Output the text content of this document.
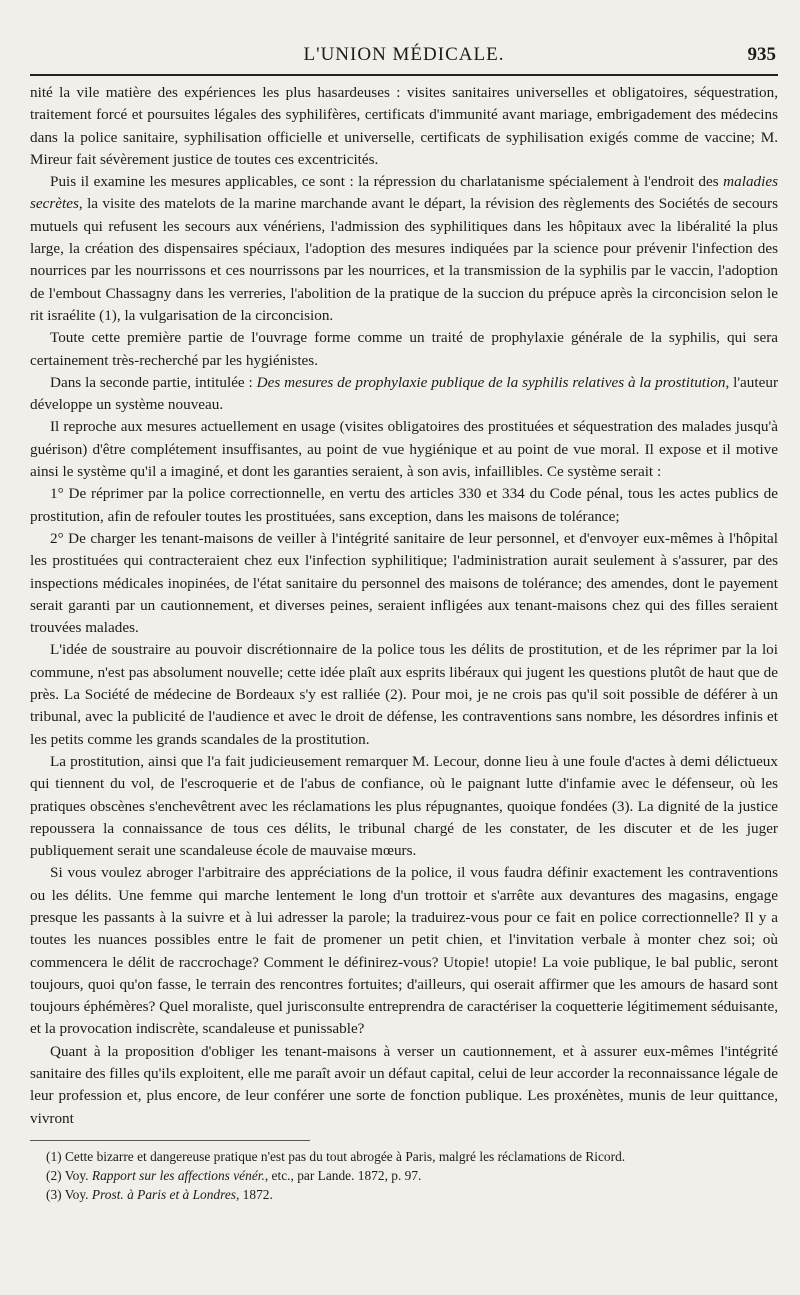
L'UNION MÉDICALE.	935

nité la vile matière des expériences les plus hasardeuses : visites sanitaires universelles et obligatoires, séquestration, traitement forcé et poursuites légales des syphilifères, certificats d'immunité avant mariage, embrigadement des médecins dans la police sanitaire, syphilisation officielle et universelle, certificats de syphilisation exigés comme de vaccine; M. Mireur fait sévèrement justice de toutes ces excentricités.

Puis il examine les mesures applicables, ce sont : la répression du charlatanisme spécialement à l'endroit des maladies secrètes, la visite des matelots de la marine marchande avant le départ, la révision des règlements des Sociétés de secours mutuels qui refusent les secours aux vénériens, l'admission des syphilitiques dans les hôpitaux avec la libéralité la plus large, la création des dispensaires spéciaux, l'adoption des mesures indiquées par la science pour prévenir l'infection des nourrices par les nourrissons et ces nourrissons par les nourrices, et la transmission de la syphilis par le vaccin, l'adoption de l'embout Chassagny dans les verreries, l'abolition de la pratique de la succion du prépuce après la circoncision selon le rit israélite (1), la vulgarisation de la circoncision.

Toute cette première partie de l'ouvrage forme comme un traité de prophylaxie générale de la syphilis, qui sera certainement très-recherché par les hygiénistes.

Dans la seconde partie, intitulée : Des mesures de prophylaxie publique de la syphilis relatives à la prostitution, l'auteur développe un système nouveau.

Il reproche aux mesures actuellement en usage (visites obligatoires des prostituées et séquestration des malades jusqu'à guérison) d'être complétement insuffisantes, au point de vue hygiénique et au point de vue moral. Il expose et il motive ainsi le système qu'il a imaginé, et dont les garanties seraient, à son avis, infaillibles. Ce système serait :

1° De réprimer par la police correctionnelle, en vertu des articles 330 et 334 du Code pénal, tous les actes publics de prostitution, afin de refouler toutes les prostituées, sans exception, dans les maisons de tolérance;

2° De charger les tenant-maisons de veiller à l'intégrité sanitaire de leur personnel, et d'envoyer eux-mêmes à l'hôpital les prostituées qui contracteraient chez eux l'infection syphilitique; l'administration aurait seulement à s'assurer, par des inspections médicales inopinées, de l'état sanitaire du personnel des maisons de tolérance; des amendes, dont le payement serait garanti par un cautionnement, et diverses peines, seraient infligées aux tenant-maisons chez qui des filles seraient trouvées malades.

L'idée de soustraire au pouvoir discrétionnaire de la police tous les délits de prostitution, et de les réprimer par la loi commune, n'est pas absolument nouvelle; cette idée plaît aux esprits libéraux qui jugent les questions plutôt de haut que de près. La Société de médecine de Bordeaux s'y est ralliée (2). Pour moi, je ne crois pas qu'il soit possible de déférer à un tribunal, avec la publicité de l'audience et avec le droit de défense, les contraventions sans nombre, les désordres infinis et les petits comme les grands scandales de la prostitution.

La prostitution, ainsi que l'a fait judicieusement remarquer M. Lecour, donne lieu à une foule d'actes à demi délictueux qui tiennent du vol, de l'escroquerie et de l'abus de confiance, où le paignant lutte d'infamie avec le défenseur, où les pratiques obscènes s'enchevêtrent avec les réclamations les plus répugnantes, quoique fondées (3). La dignité de la justice repoussera la connaissance de tous ces délits, le tribunal chargé de les constater, de les discuter et de les juger publiquement serait une scandaleuse école de mauvaise mœurs.

Si vous voulez abroger l'arbitraire des appréciations de la police, il vous faudra définir exactement les contraventions ou les délits. Une femme qui marche lentement le long d'un trottoir et s'arrête aux devantures des magasins, engage presque les passants à la suivre et à lui adresser la parole; la traduirez-vous pour ce fait en police correctionnelle? Il y a toutes les nuances possibles entre le fait de promener un petit chien, et l'invitation verbale à monter chez soi; où commencera le délit de raccrochage? Comment le définirez-vous? Utopie! utopie! La voie publique, le bal public, seront toujours, quoi qu'on fasse, le terrain des rencontres fortuites; d'ailleurs, qui oserait affirmer que les amours de hasard sont toujours éphémères? Quel moraliste, quel jurisconsulte entreprendra de caractériser la coquetterie légitimement séduisante, et la provocation indiscrète, scandaleuse et punissable?

Quant à la proposition d'obliger les tenant-maisons à verser un cautionnement, et à assurer eux-mêmes l'intégrité sanitaire des filles qu'ils exploitent, elle me paraît avoir un défaut capital, celui de leur accorder la reconnaissance légale de leur profession et, plus encore, de leur conférer une sorte de fonction publique. Les proxénètes, munis de leur quittance, vivront

(1) Cette bizarre et dangereuse pratique n'est pas du tout abrogée à Paris, malgré les réclamations de Ricord.

(2) Voy. Rapport sur les affections vénér., etc., par Lande. 1872, p. 97.

(3) Voy. Prost. à Paris et à Londres, 1872.
